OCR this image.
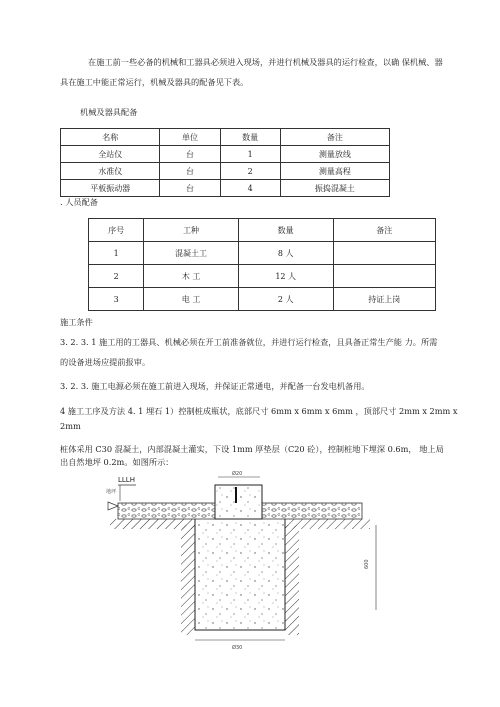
在施工前一些必备的机械和工器具必须进入现场，并进行机械及器具的运行检查，以确 保机械、器
具在施工中能正常运行，机械及器具的配备见下表。
机械及器具配备
名称	单位	数量	备注
全站仪	台	1	测量放线
水准仪	台	2	测量高程
平板振动器	台	4	振捣混凝土
. 人员配备
序号	工种	数量	备注
1	混凝土工	8 人	
2	木 工	12 人	
3	电 工	2 人	持证上岗
施工条件
3. 2. 3. 1 施工用的工器具、机械必须在开工前准备就位，并进行运行检查，且具备正常生产能 力。所需
的设备进场应提前报审。
3. 2. 3. 施工电源必须在施工前进入现场，并保证正常通电，并配备一台发电机备用。
4 施工工序及方法 4. 1 埋石 1）控制桩成瓶状，底部尺寸 6mm x 6mm x 6mm ，顶部尺寸 2mm x 2mm x
2mm
桩体采用 C30 混凝土，内部混凝土灌实，下设 1mm 厚垫层（C20 砼），控制桩地下埋深 0.6m， 地上局
出自然地坪 0.2m。如图所示：
LLLH
地坪
Ø20
600
Ø30
